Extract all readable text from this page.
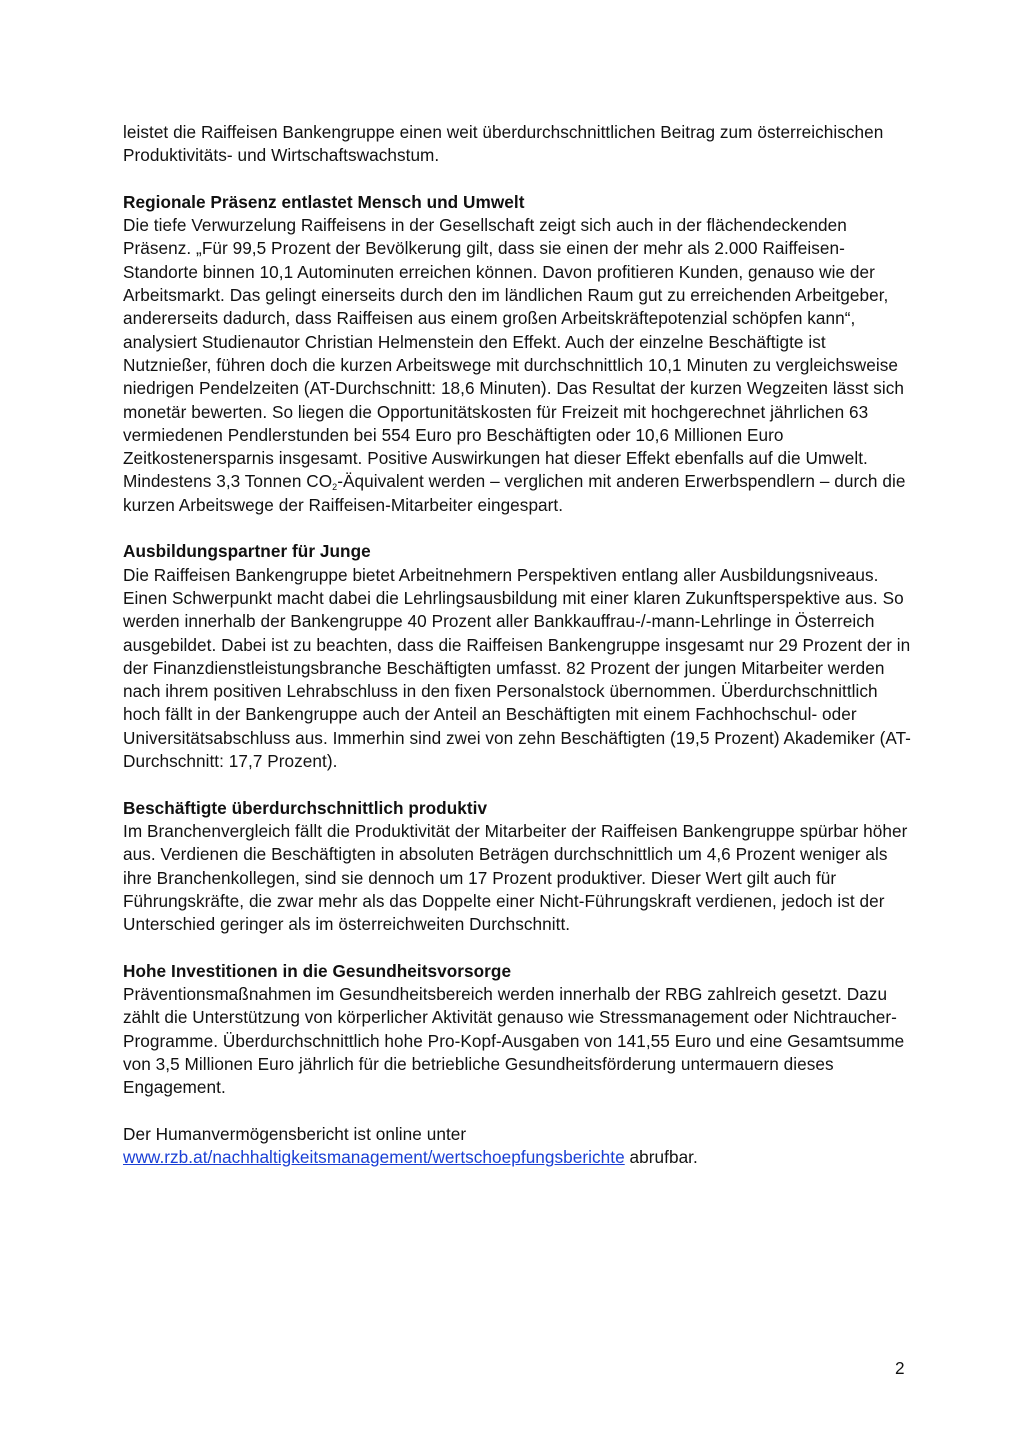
leistet die Raiffeisen Bankengruppe einen weit überdurchschnittlichen Beitrag zum österreichischen Produktivitäts- und Wirtschaftswachstum.

Regionale Präsenz entlastet Mensch und Umwelt

Die tiefe Verwurzelung Raiffeisens in der Gesellschaft zeigt sich auch in der flächendeckenden Präsenz. „Für 99,5 Prozent der Bevölkerung gilt, dass sie einen der mehr als 2.000 Raiffeisen-Standorte binnen 10,1 Autominuten erreichen können. Davon profitieren Kunden, genauso wie der Arbeitsmarkt. Das gelingt einerseits durch den im ländlichen Raum gut zu erreichenden Arbeitgeber, andererseits dadurch, dass Raiffeisen aus einem großen Arbeitskräftepotenzial schöpfen kann“, analysiert Studienautor Christian Helmenstein den Effekt. Auch der einzelne Beschäftigte ist Nutznießer, führen doch die kurzen Arbeitswege mit durchschnittlich 10,1 Minuten zu vergleichsweise niedrigen Pendelzeiten (AT-Durchschnitt: 18,6 Minuten). Das Resultat der kurzen Wegzeiten lässt sich monetär bewerten. So liegen die Opportunitätskosten für Freizeit mit hochgerechnet jährlichen 63 vermiedenen Pendlerstunden bei 554 Euro pro Beschäftigten oder 10,6 Millionen Euro Zeitkostenersparnis insgesamt. Positive Auswirkungen hat dieser Effekt ebenfalls auf die Umwelt. Mindestens 3,3 Tonnen $CO_2$-Äquivalent werden – verglichen mit anderen Erwerbspendlern – durch die kurzen Arbeitswege der Raiffeisen-Mitarbeiter eingespart.

Ausbildungspartner für Junge

Die Raiffeisen Bankengruppe bietet Arbeitnehmern Perspektiven entlang aller Ausbildungsniveaus. Einen Schwerpunkt macht dabei die Lehrlingsausbildung mit einer klaren Zukunftsperspektive aus. So werden innerhalb der Bankengruppe 40 Prozent aller Bankkauffrau-/-mann-Lehrlinge in Österreich ausgebildet. Dabei ist zu beachten, dass die Raiffeisen Bankengruppe insgesamt nur 29 Prozent der in der Finanzdienstleistungsbranche Beschäftigten umfasst. 82 Prozent der jungen Mitarbeiter werden nach ihrem positiven Lehrabschluss in den fixen Personalstock übernommen. Überdurchschnittlich hoch fällt in der Bankengruppe auch der Anteil an Beschäftigten mit einem Fachhochschul- oder Universitätsabschluss aus. Immerhin sind zwei von zehn Beschäftigten (19,5 Prozent) Akademiker (AT-Durchschnitt: 17,7 Prozent).

Beschäftigte überdurchschnittlich produktiv

Im Branchenvergleich fällt die Produktivität der Mitarbeiter der Raiffeisen Bankengruppe spürbar höher aus. Verdienen die Beschäftigten in absoluten Beträgen durchschnittlich um 4,6 Prozent weniger als ihre Branchenkollegen, sind sie dennoch um 17 Prozent produktiver. Dieser Wert gilt auch für Führungskräfte, die zwar mehr als das Doppelte einer Nicht-Führungskraft verdienen, jedoch ist der Unterschied geringer als im österreichweiten Durchschnitt.

Hohe Investitionen in die Gesundheitsvorsorge

Präventionsmaßnahmen im Gesundheitsbereich werden innerhalb der RBG zahlreich gesetzt. Dazu zählt die Unterstützung von körperlicher Aktivität genauso wie Stressmanagement oder Nichtraucher-Programme. Überdurchschnittlich hohe Pro-Kopf-Ausgaben von 141,55 Euro und eine Gesamtsumme von 3,5 Millionen Euro jährlich für die betriebliche Gesundheitsförderung untermauern dieses Engagement.

Der Humanvermögensbericht ist online unter
www.rzb.at/nachhaltigkeitsmanagement/wertschoepfungsberichte abrufbar.
2
